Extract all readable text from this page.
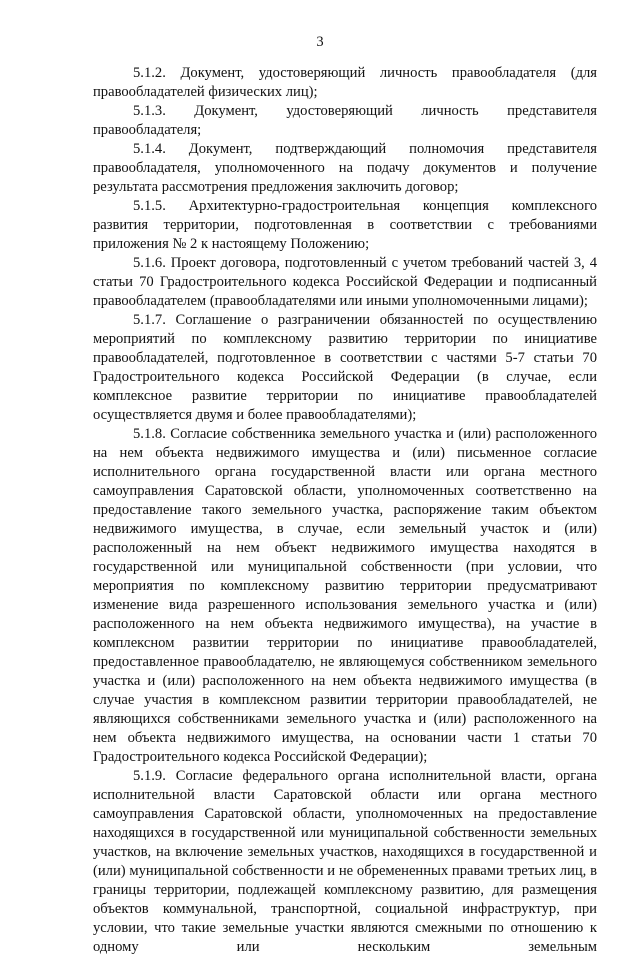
3

5.1.2. Документ, удостоверяющий личность правообладателя (для правообладателей физических лиц);

5.1.3. Документ, удостоверяющий личность представителя правообладателя;

5.1.4. Документ, подтверждающий полномочия представителя правообладателя, уполномоченного на подачу документов и получение результата рассмотрения предложения заключить договор;

5.1.5. Архитектурно-градостроительная концепция комплексного развития территории, подготовленная в соответствии с требованиями приложения № 2 к настоящему Положению;

5.1.6. Проект договора, подготовленный с учетом требований частей 3, 4 статьи 70 Градостроительного кодекса Российской Федерации и подписанный правообладателем (правообладателями или иными уполномоченными лицами);

5.1.7. Соглашение о разграничении обязанностей по осуществлению мероприятий по комплексному развитию территории по инициативе правообладателей, подготовленное в соответствии с частями 5-7 статьи 70 Градостроительного кодекса Российской Федерации (в случае, если комплексное развитие территории по инициативе правообладателей осуществляется двумя и более правообладателями);

5.1.8. Согласие собственника земельного участка и (или) расположенного на нем объекта недвижимого имущества и (или) письменное согласие исполнительного органа государственной власти или органа местного самоуправления Саратовской области, уполномоченных соответственно на предоставление такого земельного участка, распоряжение таким объектом недвижимого имущества, в случае, если земельный участок и (или) расположенный на нем объект недвижимого имущества находятся в государственной или муниципальной собственности (при условии, что мероприятия по комплексному развитию территории предусматривают изменение вида разрешенного использования земельного участка и (или) расположенного на нем объекта недвижимого имущества), на участие в комплексном развитии территории по инициативе правообладателей, предоставленное правообладателю, не являющемуся собственником земельного участка и (или) расположенного на нем объекта недвижимого имущества (в случае участия в комплексном развитии территории правообладателей, не являющихся собственниками земельного участка и (или) расположенного на нем объекта недвижимого имущества, на основании части 1 статьи 70 Градостроительного кодекса Российской Федерации);

5.1.9. Согласие федерального органа исполнительной власти, органа исполнительной власти Саратовской области или органа местного самоуправления Саратовской области, уполномоченных на предоставление находящихся в государственной или муниципальной собственности земельных участков, на включение земельных участков, находящихся в государственной и (или) муниципальной собственности и не обремененных правами третьих лиц, в границы территории, подлежащей комплексному развитию, для размещения объектов коммунальной, транспортной, социальной инфраструктур, при условии, что такие земельные участки являются смежными по отношению к одному или нескольким земельным
